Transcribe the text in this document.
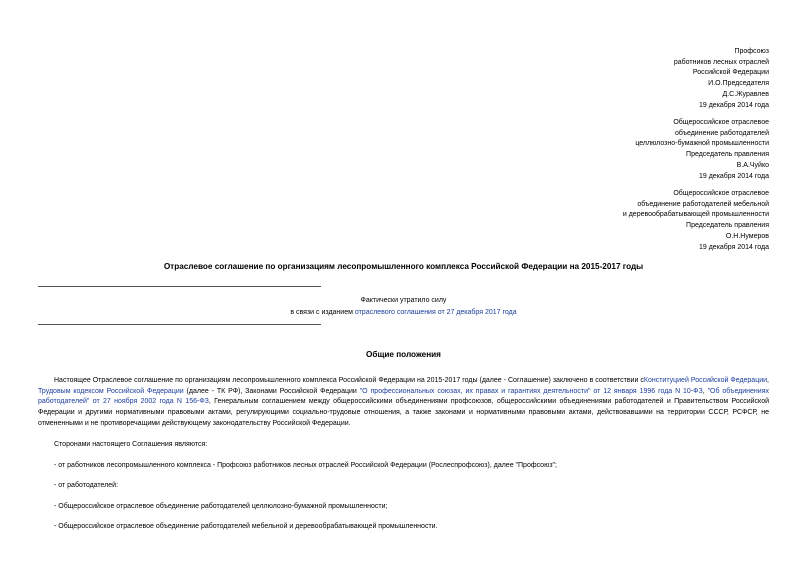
Профсоюз
работников лесных отраслей
Российской Федерации
И.О.Председателя
Д.С.Журавлев
19 декабря 2014 года
Общероссийское отраслевое
объединение работодателей
целлюлозно-бумажной промышленности
Председатель правления
В.А.Чуйко
19 декабря 2014 года
Общероссийское отраслевое
объединение работодателей мебельной
и деревообрабатывающей промышленности
Председатель правления
О.Н.Нумеров
19 декабря 2014 года
Отраслевое соглашение по организациям лесопромышленного комплекса Российской Федерации на 2015-2017 годы
Фактически утратило силу
в связи с изданием отраслевого соглашения от 27 декабря 2017 года
Общие положения
Настоящее Отраслевое соглашение по организациям лесопромышленного комплекса Российской Федерации на 2015-2017 годы (далее - Соглашение) заключено в соответствии сКонституцией Российской Федерации, Трудовым кодексом Российской Федерации (далее - ТК РФ), Законами Российской Федерации "О профессиональных союзах, их правах и гарантиях деятельности" от 12 января 1996 года N 10-ФЗ, "Об объединениях работодателей" от 27 ноября 2002 года N 156-ФЗ, Генеральным соглашением между общероссийскими объединениями профсоюзов, общероссийскими объединениями работодателей и Правительством Российской Федерации и другими нормативными правовыми актами, регулирующими социально-трудовые отношения, а также законами и нормативными правовыми актами, действовавшими на территории СССР, РСФСР, не отмененными и не противоречащими действующему законодательству Российской Федерации.
Сторонами настоящего Соглашения являются:
- от работников лесопромышленного комплекса - Профсоюз работников лесных отраслей Российской Федерации (Рослеспрофсоюз), далее "Профсоюз";
- от работодателей:
- Общероссийское отраслевое объединение работодателей целлюлозно-бумажной промышленности;
- Общероссийское отраслевое объединение работодателей мебельной и деревообрабатывающей промышленности.
